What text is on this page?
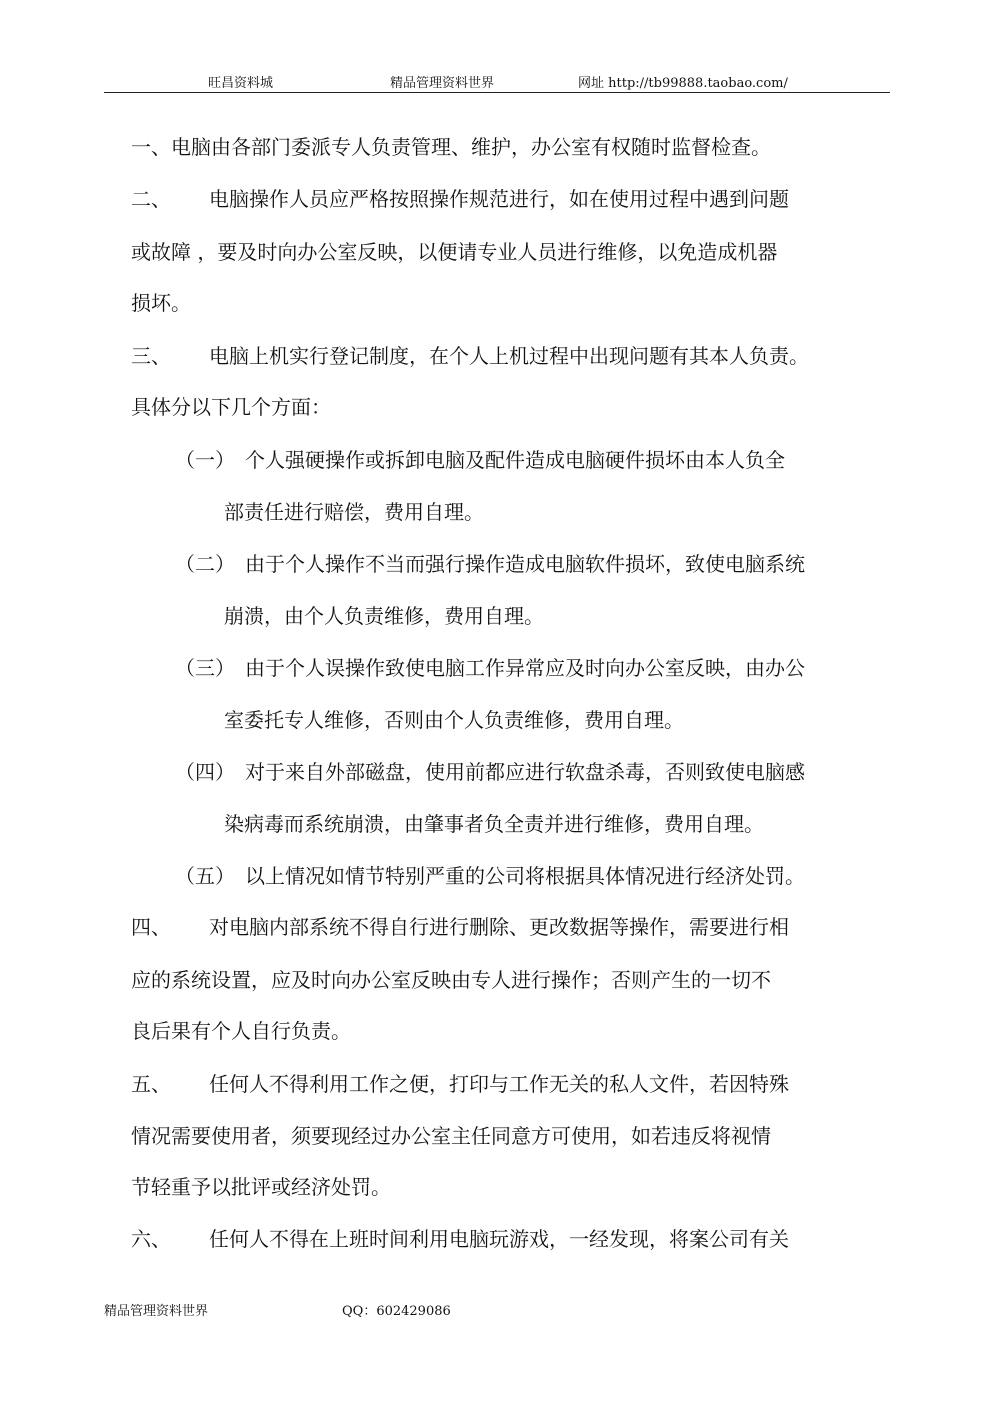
旺昌资料城	精品管理资料世界	网址 http://tb99888.taobao.com/
一、电脑由各部门委派专人负责管理、维护，办公室有权随时监督检查。
二、 电脑操作人员应严格按照操作规范进行，如在使用过程中遇到问题
或故障 ，要及时向办公室反映，以便请专业人员进行维修，以免造成机器
损坏。
三、 电脑上机实行登记制度，在个人上机过程中出现问题有其本人负责。
具体分以下几个方面：
（一） 个人强硬操作或拆卸电脑及配件造成电脑硬件损坏由本人负全
部责任进行赔偿，费用自理。
（二） 由于个人操作不当而强行操作造成电脑软件损坏，致使电脑系统
崩溃，由个人负责维修，费用自理。
（三） 由于个人误操作致使电脑工作异常应及时向办公室反映，由办公
室委托专人维修，否则由个人负责维修，费用自理。
（四） 对于来自外部磁盘，使用前都应进行软盘杀毒，否则致使电脑感
染病毒而系统崩溃，由肇事者负全责并进行维修，费用自理。
（五） 以上情况如情节特别严重的公司将根据具体情况进行经济处罚。
四、 对电脑内部系统不得自行进行删除、更改数据等操作，需要进行相
应的系统设置，应及时向办公室反映由专人进行操作；否则产生的一切不
良后果有个人自行负责。
五、 任何人不得利用工作之便，打印与工作无关的私人文件，若因特殊
情况需要使用者，须要现经过办公室主任同意方可使用，如若违反将视情
节轻重予以批评或经济处罚。
六、 任何人不得在上班时间利用电脑玩游戏，一经发现，将案公司有关
精品管理资料世界	QQ：602429086
